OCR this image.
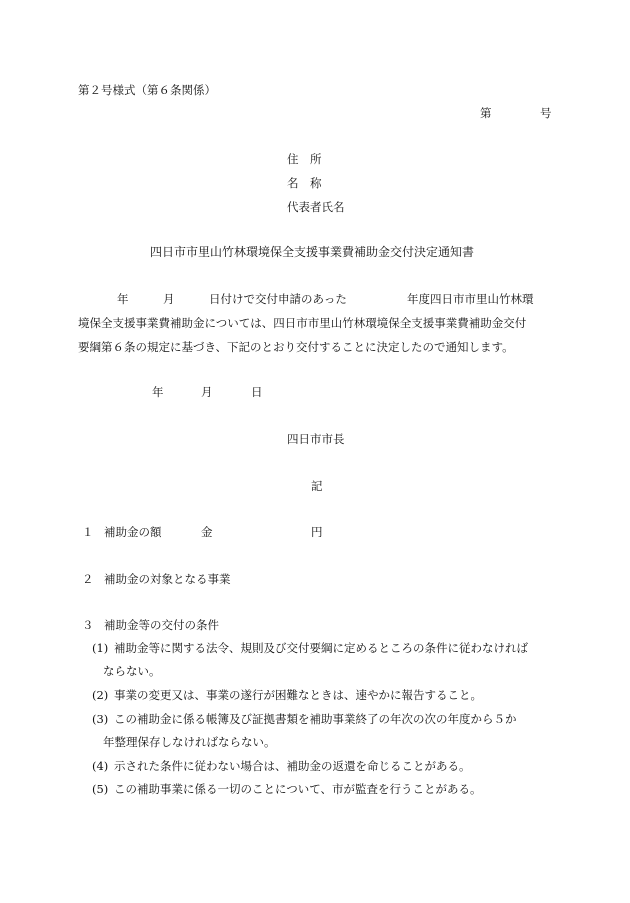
第２号様式（第６条関係）
第	号
住　所
名　称
代表者氏名
四日市市里山竹林環境保全支援事業費補助金交付決定通知書
年	月	日付けで交付申請のあった	年度四日市市里山竹林環
境保全支援事業費補助金については、四日市市里山竹林環境保全支援事業費補助金交付
要綱第６条の規定に基づき、下記のとおり交付することに決定したので通知します。
年	月	日
四日市市長
記
１ 補助金の額	金	円
２ 補助金の対象となる事業
３ 補助金等の交付の条件
(1) 補助金等に関する法令、規則及び交付要綱に定めるところの条件に従わなければ
ならない。
(2) 事業の変更又は、事業の遂行が困難なときは、速やかに報告すること。
(3) この補助金に係る帳簿及び証拠書類を補助事業終了の年次の次の年度から５か
年整理保存しなければならない。
(4) 示された条件に従わない場合は、補助金の返還を命じることがある。
(5) この補助事業に係る一切のことについて、市が監査を行うことがある。
